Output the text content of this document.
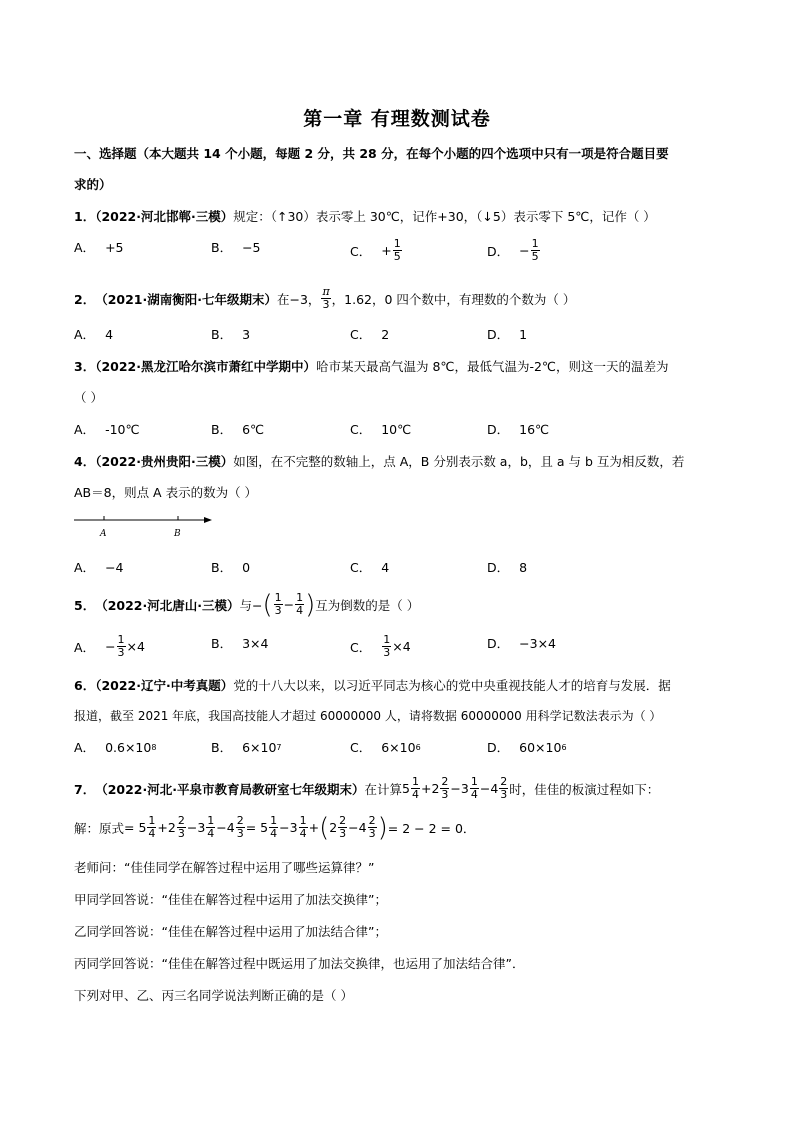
第一章 有理数测试卷
一、选择题（本大题共 14 个小题，每题 2 分，共 28 分，在每个小题的四个选项中只有一项是符合题目要
求的）
1．（2022·河北邯郸·三模）规定：（↑30）表示零上 30℃，记作+30，（↓5）表示零下 5℃，记作（ ）
A． +5	B． −5	C． + $\frac{1}{5}$	D． − $\frac{1}{5}$
2． （2021·湖南衡阳·七年级期末） 在−3， $\frac{\pi}{3}$ ，1.62，0 四个数中，有理数的个数为（ ）
A． 4	B． 3	C． 2	D． 1
3．（2022·黑龙江哈尔滨市萧红中学期中）哈市某天最高气温为 8℃，最低气温为-2℃，则这一天的温差为
（ ）
A． -10℃	B． 6℃	C． 10℃	D． 16℃
4．（2022·贵州贵阳·三模）如图，在不完整的数轴上，点 A，B 分别表示数 a，b，且 a 与 b 互为相反数，若
AB＝8，则点 A 表示的数为（ ）
A	B
A． −4	B． 0	C． 4	D． 8
5． （2022·河北唐山·三模） 与− ( $\frac{1}{3} - \frac{1}{4}$ ) 互为倒数的是（ ）
A． − $\frac{1}{3} \times 4$	B． 3×4	C． $\frac{1}{3} \times 4$	D． −3×4
6．（2022·辽宁·中考真题）党的十八大以来，以习近平同志为核心的党中央重视技能人才的培育与发展．据
报道，截至 2021 年底，我国高技能人才超过 60000000 人，请将数据 60000000 用科学记数法表示为（ ）
A． 0.6×10 8	B． 6×10 7	C． 6×10 6	D． 60×10 6
7． （2022·河北·平泉市教育局教研室七年级期末） 在计算 $5 \frac{1}{4} +2 \frac{2}{3} -3 \frac{1}{4} -4 \frac{2}{3}$ 时，佳佳的板演过程如下：
解：原式 = $5 \frac{1}{4} +2 \frac{2}{3} -3 \frac{1}{4} -4 \frac{2}{3} = 5 \frac{1}{4} -3 \frac{1}{4}$ + ( $2 \frac{2}{3} -4 \frac{2}{3}$ ) = 2 − 2 = 0．
老师问：“佳佳同学在解答过程中运用了哪些运算律？”
甲同学回答说：“佳佳在解答过程中运用了加法交换律”；
乙同学回答说：“佳佳在解答过程中运用了加法结合律”；
丙同学回答说：“佳佳在解答过程中既运用了加法交换律，也运用了加法结合律”．
下列对甲、乙、丙三名同学说法判断正确的是（ ）
